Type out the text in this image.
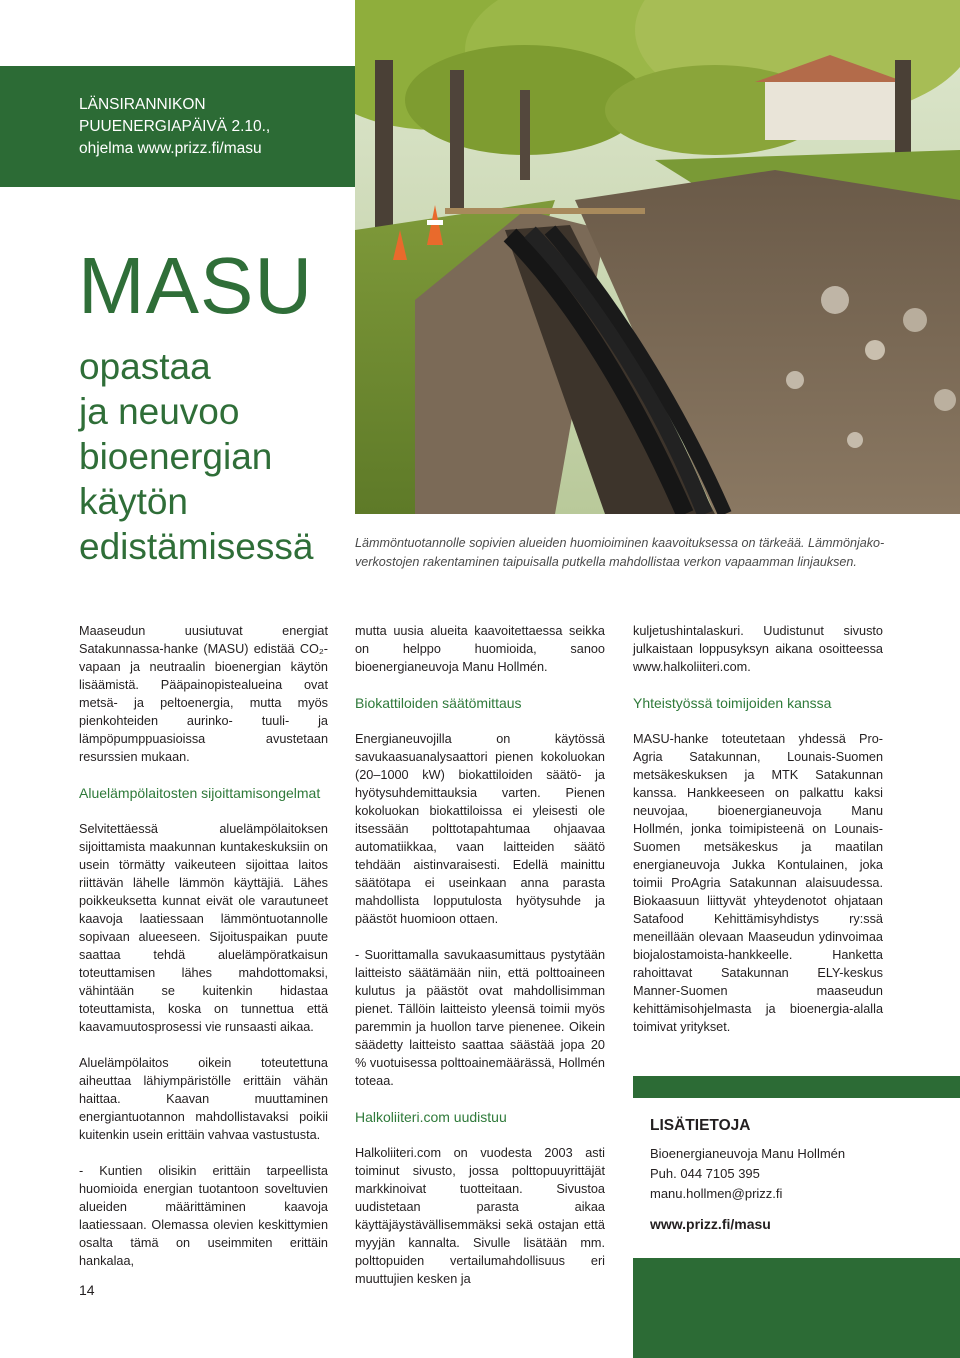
LÄNSIRANNIKON

PUUENERGIAPÄIVÄ 2.10.,

ohjelma www.prizz.fi/masu

MASU
opastaa
ja neuvoo
bioenergian
käytön
edistämisessä	Lämmöntuotannolle sopivien alueiden huomioiminen kaavoituksessa on tärkeää. Lämmönjako-
verkostojen rakentaminen taipuisalla putkella mahdollistaa verkon vapaamman linjauksen.

Maaseudun uusiutuvat energiat Satakunnassa-hanke (MASU) edistää CO₂-vapaan ja neutraalin bioenergian käytön lisäämistä. Pääpainopistealueina ovat metsä- ja peltoenergia, mutta myös pienkohteiden aurinko- tuuli- ja lämpöpumppuasioissa avustetaan resurssien mukaan.

Aluelämpölaitosten sijoittamisongelmat

Selvitettäessä aluelämpölaitoksen sijoittamista maakunnan kuntakeskuksiin on usein törmätty vaikeuteen sijoittaa laitos riittävän lähelle lämmön käyttäjiä. Lähes poikkeuksetta kunnat eivät ole varautuneet kaavoja laatiessaan lämmöntuotannolle sopivaan alueeseen. Sijoituspaikan puute saattaa tehdä aluelämpöratkaisun toteuttamisen lähes mahdottomaksi, vähintään se kuitenkin hidastaa toteuttamista, koska on tunnettua että kaavamuutosprosessi vie runsaasti aikaa.

Aluelämpölaitos oikein toteutettuna aiheuttaa lähiympäristölle erittäin vähän haittaa. Kaavan muuttaminen energiantuotannon mahdollistavaksi poikii kuitenkin usein erittäin vahvaa vastustusta.

- Kuntien olisikin erittäin tarpeellista huomioida energian tuotantoon soveltuvien alueiden määrittäminen kaavoja laatiessaan. Olemassa olevien keskittymien osalta tämä on useimmiten erittäin hankalaa,

mutta uusia alueita kaavoitettaessa seikka on helppo huomioida, sanoo bioenergianeuvoja Manu Hollmén.

Biokattiloiden säätömittaus

Energianeuvojilla on käytössä savukaasuanalysaattori pienen kokoluokan (20–1000 kW) biokattiloiden säätö- ja hyötysuhdemittauksia varten. Pienen kokoluokan biokattiloissa ei yleisesti ole itsessään polttotapahtumaa ohjaavaa automatiikkaa, vaan laitteiden säätö tehdään aistinvaraisesti. Edellä mainittu säätötapa ei useinkaan anna parasta mahdollista lopputulosta hyötysuhde ja päästöt huomioon ottaen.

- Suorittamalla savukaasumittaus pystytään laitteisto säätämään niin, että polttoaineen kulutus ja päästöt ovat mahdollisimman pienet. Tällöin laitteisto yleensä toimii myös paremmin ja huollon tarve pienenee. Oikein säädetty laitteisto saattaa säästää jopa 20 % vuotuisessa polttoainemäärässä, Hollmén toteaa.

Halkoliiteri.com uudistuu

Halkoliiteri.com on vuodesta 2003 asti toiminut sivusto, jossa polttopuuyrittäjät markkinoivat tuotteitaan. Sivustoa uudistetaan parasta aikaa käyttäjäystävällisemmäksi sekä ostajan että myyjän kannalta. Sivulle lisätään mm. polttopuiden vertailumahdollisuus eri muuttujien kesken ja

kuljetushintalaskuri. Uudistunut sivusto julkaistaan loppusyksyn aikana osoitteessa www.halkoliiteri.com.

Yhteistyössä toimijoiden kanssa

MASU-hanke toteutetaan yhdessä Pro-Agria Satakunnan, Lounais-Suomen metsäkeskuksen ja MTK Satakunnan kanssa. Hankkeeseen on palkattu kaksi neuvojaa, bioenergianeuvoja Manu Hollmén, jonka toimipisteenä on Lounais-Suomen metsäkeskus ja maatilan energianeuvoja Jukka Kontulainen, joka toimii ProAgria Satakunnan alaisuudessa. Biokaasuun liittyvät yhteydenotot ohjataan Satafood Kehittämisyhdistys ry:ssä meneillään olevaan Maaseudun ydinvoimaa biojalostamoista-hankkeelle. Hanketta rahoittavat Satakunnan ELY-keskus Manner-Suomen maaseudun kehittämisohjelmasta ja bioenergia-alalla toimivat yritykset.

LISÄTIETOJA
Bioenergianeuvoja Manu Hollmén
Puh. 044 7105 395
manu.hollmen@prizz.fi
www.prizz.fi/masu
14
